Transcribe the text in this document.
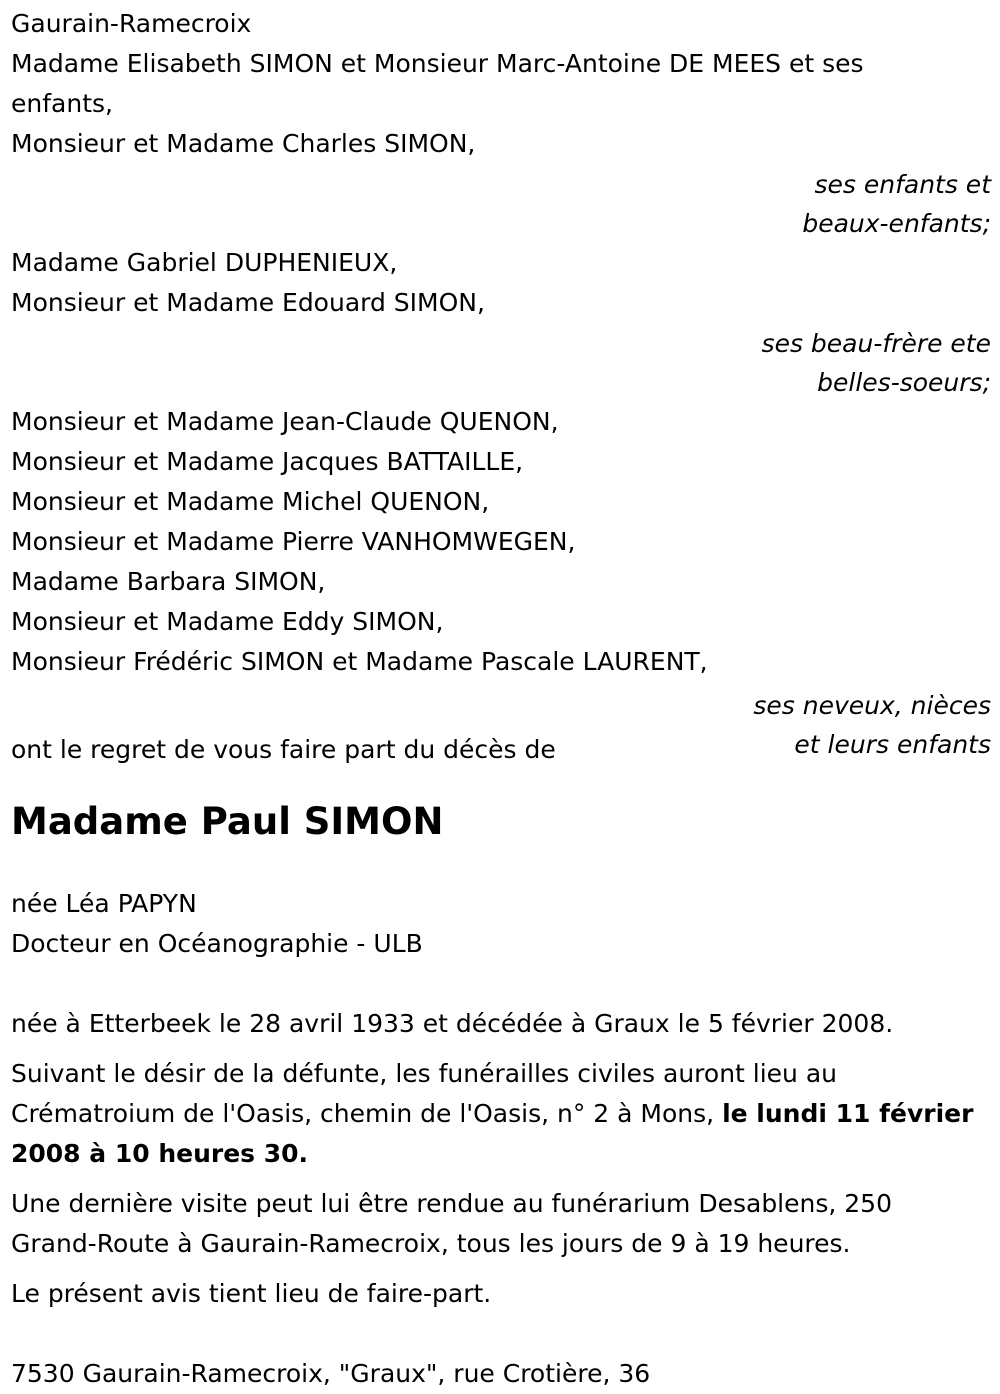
Gaurain-Ramecroix
Madame Elisabeth SIMON et Monsieur Marc-Antoine DE MEES et ses enfants,
Monsieur et Madame Charles SIMON,
ses enfants et
beaux-enfants;
Madame Gabriel DUPHENIEUX,
Monsieur et Madame Edouard SIMON,
ses beau-frère ete
belles-soeurs;
Monsieur et Madame Jean-Claude QUENON,
Monsieur et Madame Jacques BATTAILLE,
Monsieur et Madame Michel QUENON,
Monsieur et Madame Pierre VANHOMWEGEN,
Madame Barbara SIMON,
Monsieur et Madame Eddy SIMON,
Monsieur Frédéric SIMON et Madame Pascale LAURENT,
ses neveux, nièces
et leurs enfants
ont le regret de vous faire part du décès de
Madame Paul SIMON
née Léa PAPYN
Docteur en Océanographie - ULB
née à Etterbeek le 28 avril 1933 et décédée à Graux le 5 février 2008.
Suivant le désir de la défunte, les funérailles civiles auront lieu au Crématroium de l'Oasis, chemin de l'Oasis, n° 2 à Mons, le lundi 11 février 2008 à 10 heures 30.
Une dernière visite peut lui être rendue au funérarium Desablens, 250 Grand-Route à Gaurain-Ramecroix, tous les jours de 9 à 19 heures.
Le présent avis tient lieu de faire-part.
7530 Gaurain-Ramecroix, "Graux", rue Crotière, 36
